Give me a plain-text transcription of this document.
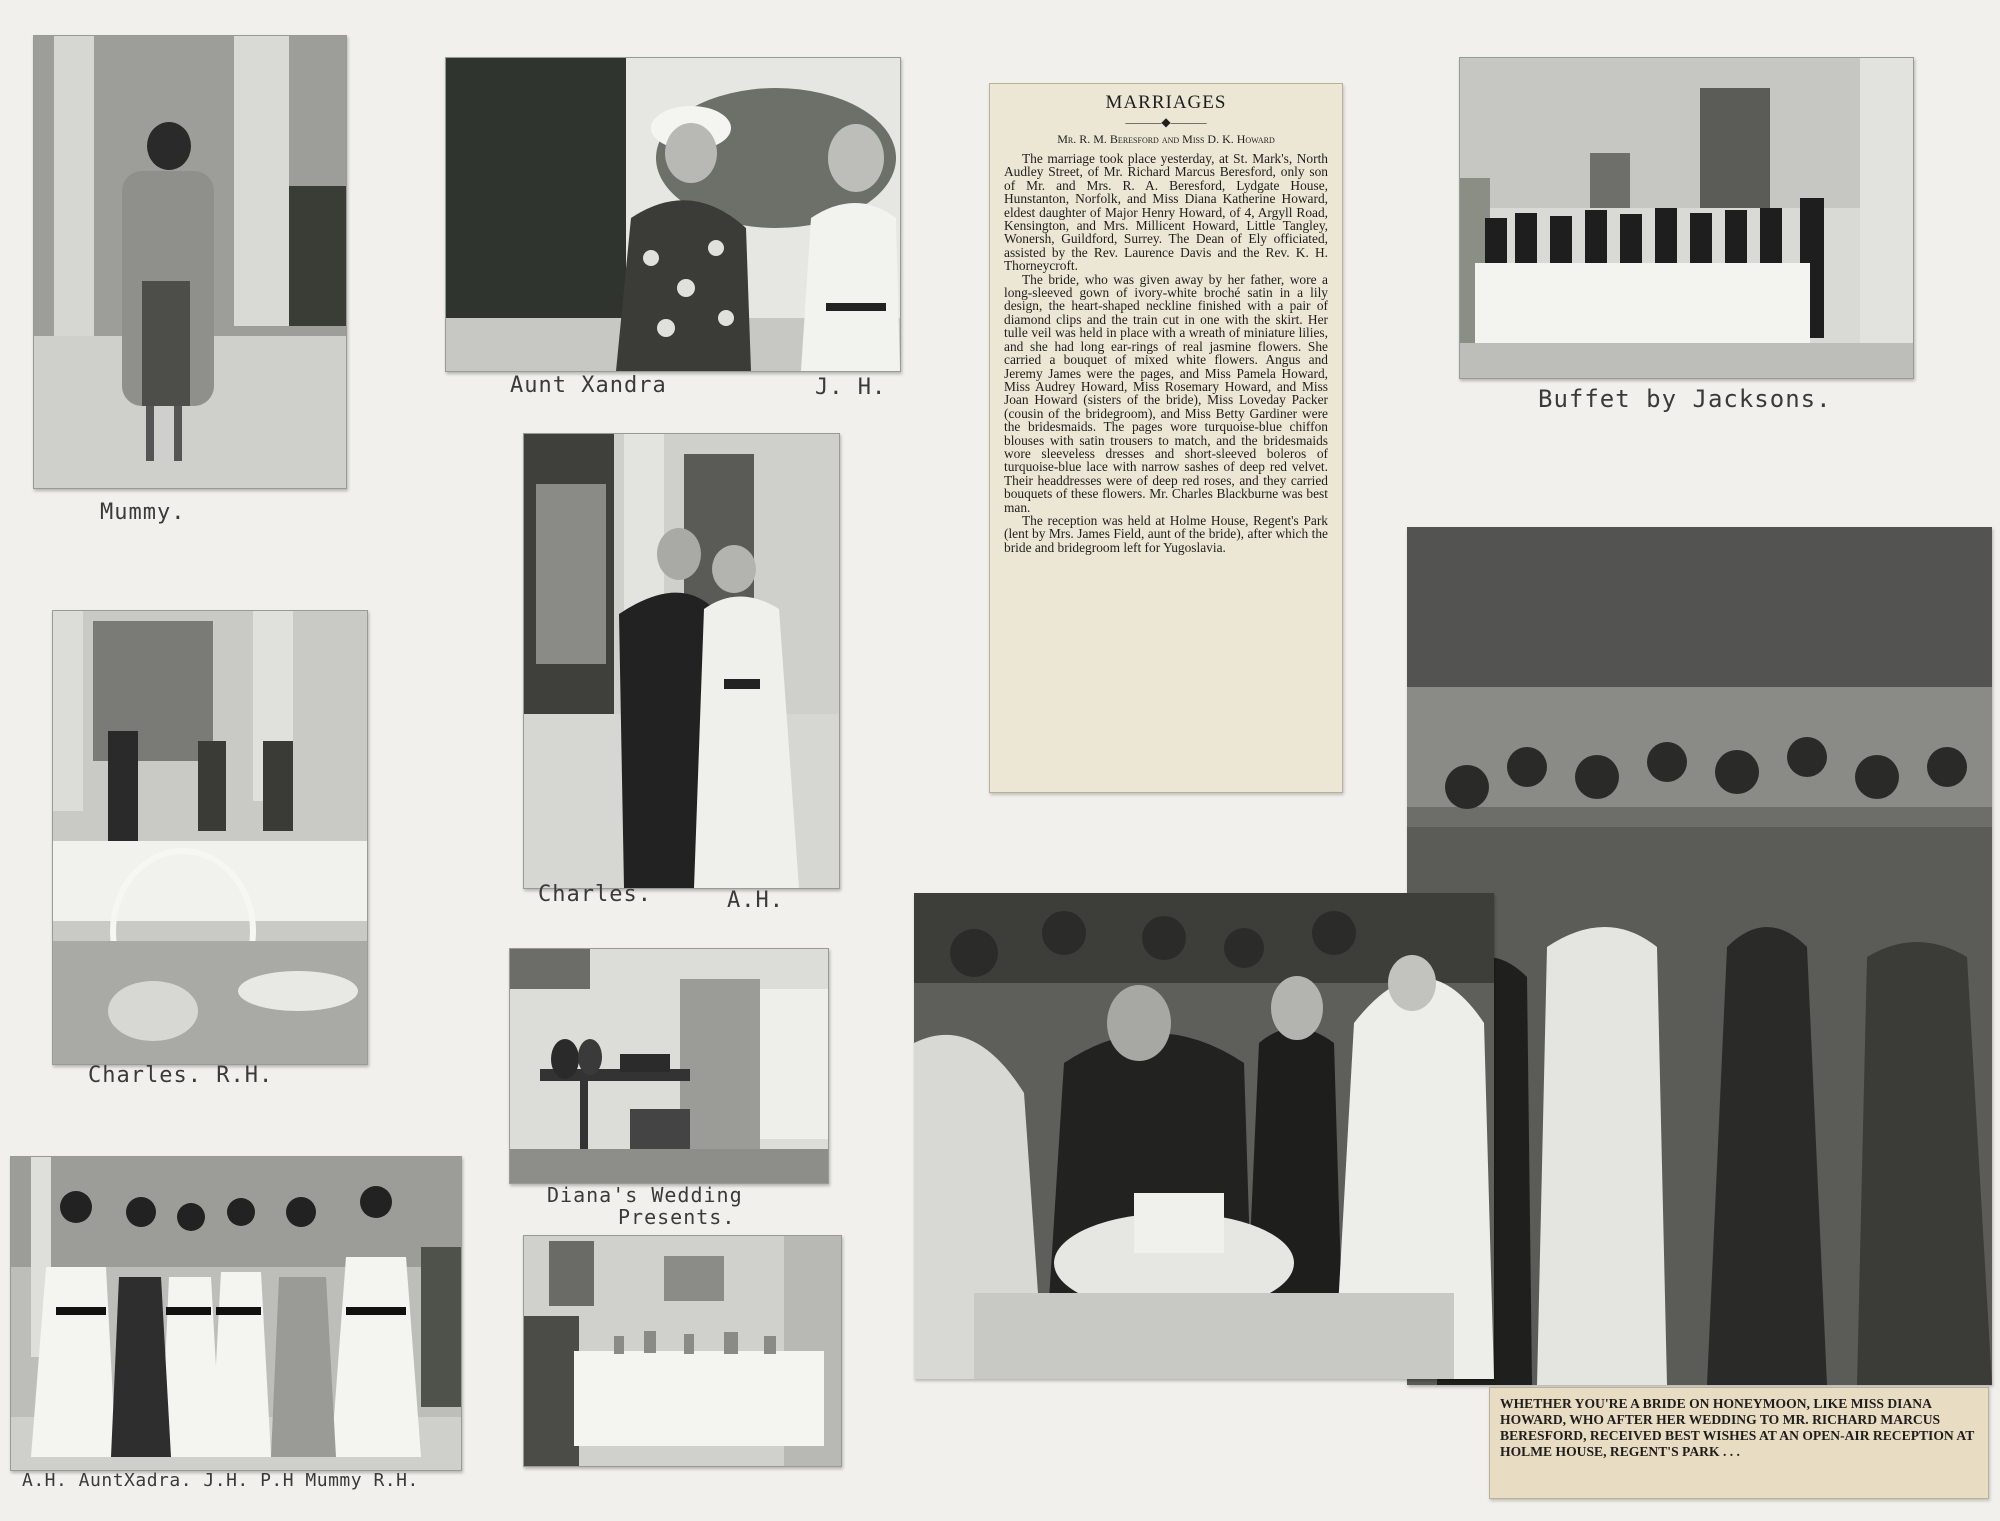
Mummy.
Aunt Xandra	J. H.
MARRIAGES
———◆———
Mr. R. M. Beresford and Miss D. K. Howard

The marriage took place yesterday, at St. Mark's, North Audley Street, of Mr. Richard Marcus Beresford, only son of Mr. and Mrs. R. A. Beresford, Lydgate House, Hunstanton, Norfolk, and Miss Diana Katherine Howard, eldest daughter of Major Henry Howard, of 4, Argyll Road, Kensington, and Mrs. Millicent Howard, Little Tangley, Wonersh, Guildford, Surrey. The Dean of Ely officiated, assisted by the Rev. Laurence Davis and the Rev. K. H. Thorneycroft.

The bride, who was given away by her father, wore a long-sleeved gown of ivory-white broché satin in a lily design, the heart-shaped neckline finished with a pair of diamond clips and the train cut in one with the skirt. Her tulle veil was held in place with a wreath of miniature lilies, and she had long ear-rings of real jasmine flowers. She carried a bouquet of mixed white flowers. Angus and Jeremy James were the pages, and Miss Pamela Howard, Miss Audrey Howard, Miss Rosemary Howard, and Miss Joan Howard (sisters of the bride), Miss Loveday Packer (cousin of the bridegroom), and Miss Betty Gardiner were the bridesmaids. The pages wore turquoise-blue chiffon blouses with satin trousers to match, and the bridesmaids wore sleeveless dresses and short-sleeved boleros of turquoise-blue lace with narrow sashes of deep red velvet. Their headdresses were of deep red roses, and they carried bouquets of these flowers. Mr. Charles Blackburne was best man.

The reception was held at Holme House, Regent's Park (lent by Mrs. James Field, aunt of the bride), after which the bride and bridegroom left for Yugoslavia.

Buffet by Jacksons.
Charles.	A.H.
Charles. R.H.
Diana's Wedding
Presents.
A.H. AuntXadra. J.H. P.H Mummy R.H.
WHETHER YOU'RE A BRIDE ON HONEYMOON, LIKE MISS DIANA HOWARD, WHO AFTER HER WEDDING TO MR. RICHARD MARCUS BERESFORD, RECEIVED BEST WISHES AT AN OPEN-AIR RECEPTION AT HOLME HOUSE, REGENT'S PARK . . .
